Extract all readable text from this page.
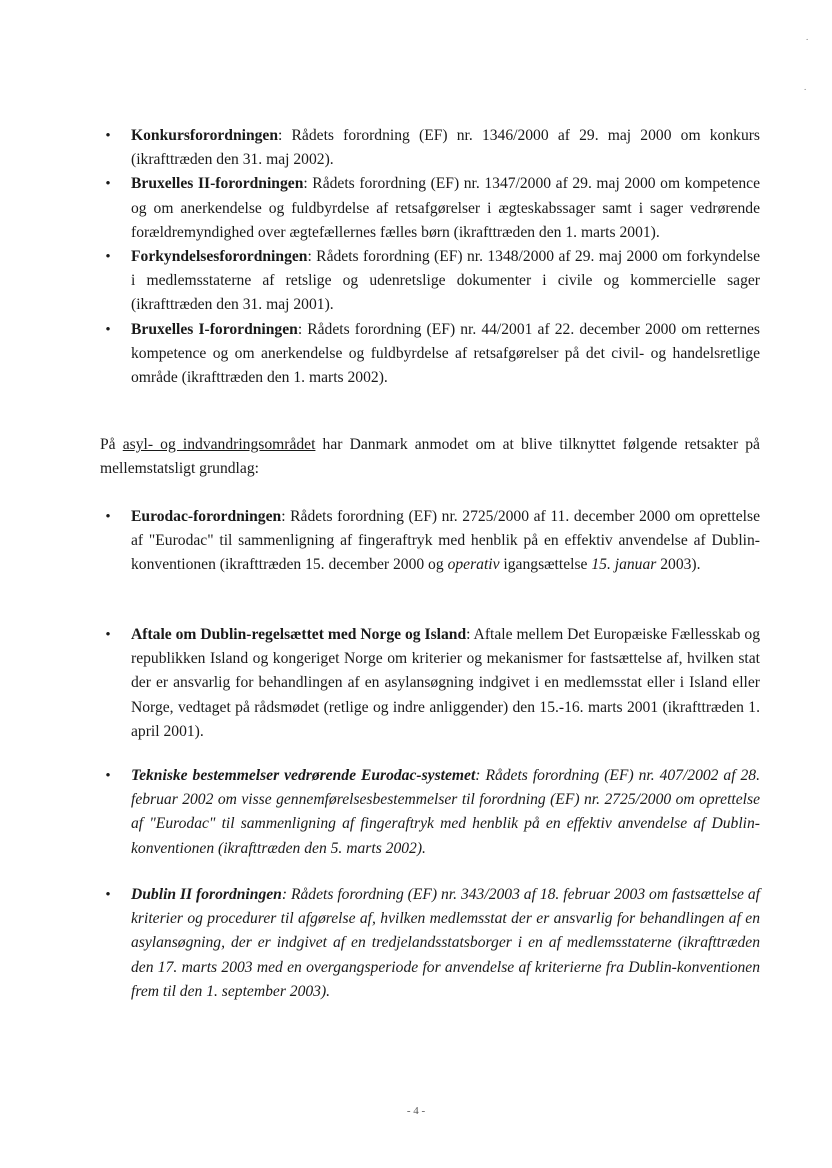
.
.
•	Konkursforordningen: Rådets forordning (EF) nr. 1346/2000 af 29. maj 2000 om konkurs (ikrafttræden den 31. maj 2002).
•	Bruxelles II-forordningen: Rådets forordning (EF) nr. 1347/2000 af 29. maj 2000 om kompetence og om anerkendelse og fuldbyrdelse af retsafgørelser i ægteskabssager samt i sager vedrørende forældremyndighed over ægtefællernes fælles børn (ikrafttræden den 1. marts 2001).
•	Forkyndelsesforordningen: Rådets forordning (EF) nr. 1348/2000 af 29. maj 2000 om forkyndelse i medlemsstaterne af retslige og udenretslige dokumenter i civile og kommercielle sager (ikrafttræden den 31. maj 2001).
•	Bruxelles I-forordningen: Rådets forordning (EF) nr. 44/2001 af 22. december 2000 om retternes kompetence og om anerkendelse og fuldbyrdelse af retsafgørelser på det civil- og handelsretlige område (ikrafttræden den 1. marts 2002).

På asyl- og indvandringsområdet har Danmark anmodet om at blive tilknyttet følgende retsakter på mellemstatsligt grundlag:

•	Eurodac-forordningen: Rådets forordning (EF) nr. 2725/2000 af 11. december 2000 om oprettelse af "Eurodac" til sammenligning af fingeraftryk med henblik på en effektiv anvendelse af Dublin-konventionen (ikrafttræden 15. december 2000 og operativ igangsættelse 15. januar 2003).
•	Aftale om Dublin-regelsættet med Norge og Island: Aftale mellem Det Europæiske Fællesskab og republikken Island og kongeriget Norge om kriterier og mekanismer for fastsættelse af, hvilken stat der er ansvarlig for behandlingen af en asylansøgning indgivet i en medlemsstat eller i Island eller Norge, vedtaget på rådsmødet (retlige og indre anliggender) den 15.-16. marts 2001 (ikrafttræden 1. april 2001).
•	Tekniske bestemmelser vedrørende Eurodac-systemet: Rådets forordning (EF) nr. 407/2002 af 28. februar 2002 om visse gennemførelsesbestemmelser til forordning (EF) nr. 2725/2000 om oprettelse af "Eurodac" til sammenligning af fingeraftryk med henblik på en effektiv anvendelse af Dublin-konventionen (ikrafttræden den 5. marts 2002).
•	Dublin II forordningen: Rådets forordning (EF) nr. 343/2003 af 18. februar 2003 om fastsættelse af kriterier og procedurer til afgørelse af, hvilken medlemsstat der er ansvarlig for behandlingen af en asylansøgning, der er indgivet af en tredjelandsstatsborger i en af medlemsstaterne (ikrafttræden den 17. marts 2003 med en overgangsperiode for anvendelse af kriterierne fra Dublin-konventionen frem til den 1. september 2003).
- 4 -
